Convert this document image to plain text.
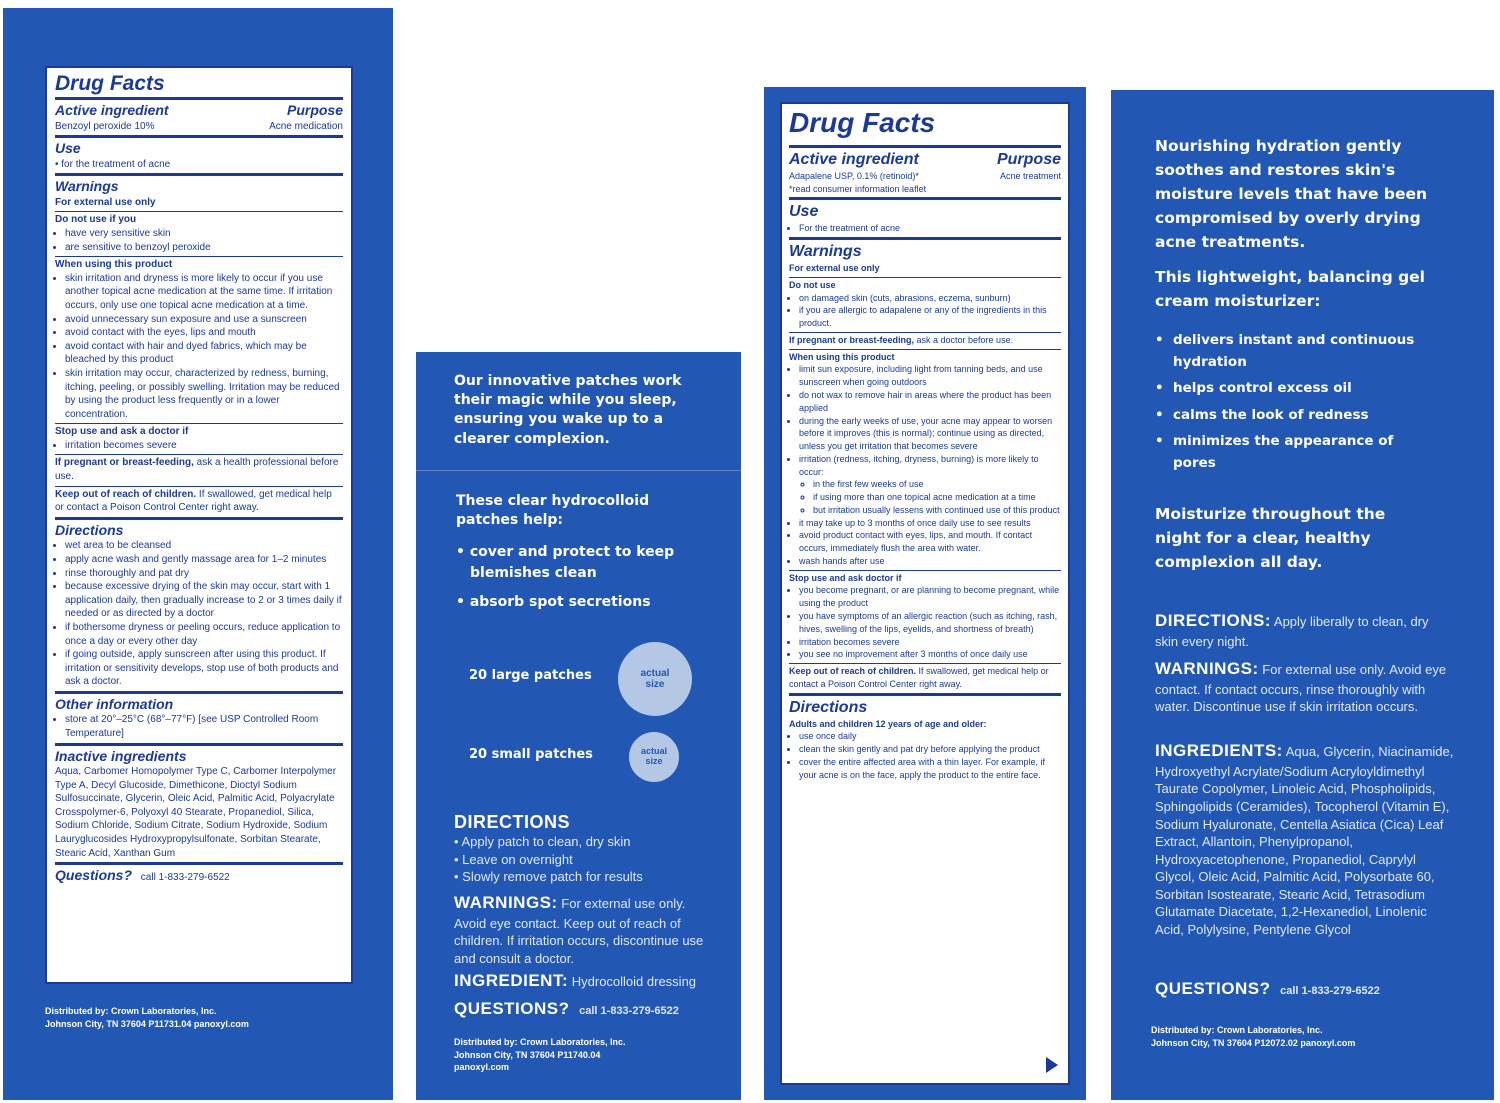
Drug Facts
Active ingredient	Purpose
Benzoyl peroxide 10%	Acne medication
Use
• for the treatment of acne
Warnings
For external use only
Do not use if you
• have very sensitive skin
• are sensitive to benzoyl peroxide
When using this product
• skin irritation and dryness is more likely to occur if you use another topical acne medication at the same time. If irritation occurs, only use one topical acne medication at a time.
• avoid unnecessary sun exposure and use a sunscreen
• avoid contact with the eyes, lips and mouth
• avoid contact with hair and dyed fabrics, which may be bleached by this product
• skin irritation may occur, characterized by redness, burning, itching, peeling, or possibly swelling. Irritation may be reduced by using the product less frequently or in a lower concentration.
Stop use and ask a doctor if
• irritation becomes severe
If pregnant or breast-feeding, ask a health professional before use.
Keep out of reach of children. If swallowed, get medical help or contact a Poison Control Center right away.
Directions
• wet area to be cleansed
• apply acne wash and gently massage area for 1–2 minutes
• rinse thoroughly and pat dry
• because excessive drying of the skin may occur, start with 1 application daily, then gradually increase to 2 or 3 times daily if needed or as directed by a doctor
• if bothersome dryness or peeling occurs, reduce application to once a day or every other day
• if going outside, apply sunscreen after using this product. If irritation or sensitivity develops, stop use of both products and ask a doctor.
Other information
• store at 20°–25°C (68°–77°F) [see USP Controlled Room Temperature]
Inactive ingredients
Aqua, Carbomer Homopolymer Type C, Carbomer Interpolymer Type A, Decyl Glucoside, Dimethicone, Dioctyl Sodium Sulfosuccinate, Glycerin, Oleic Acid, Palmitic Acid, Polyacrylate Crosspolymer-6, Polyoxyl 40 Stearate, Propanediol, Silica, Sodium Chloride, Sodium Citrate, Sodium Hydroxide, Sodium Lauryglucosides Hydroxypropylsulfonate, Sorbitan Stearate, Stearic Acid, Xanthan Gum
Questions? call 1-833-279-6522
Distributed by: Crown Laboratories, Inc.
Johnson City, TN 37604 P11731.04 panoxyl.com
Our innovative patches work their magic while you sleep, ensuring you wake up to a clearer complexion.
These clear hydrocolloid patches help:
• cover and protect to keep blemishes clean
• absorb spot secretions
20 large patches	actual size
20 small patches	actual size
DIRECTIONS
• Apply patch to clean, dry skin
• Leave on overnight
• Slowly remove patch for results
WARNINGS: For external use only. Avoid eye contact. Keep out of reach of children. If irritation occurs, discontinue use and consult a doctor.
INGREDIENT: Hydrocolloid dressing
QUESTIONS? call 1-833-279-6522
Distributed by: Crown Laboratories, Inc.
Johnson City, TN 37604 P11740.04
panoxyl.com
Drug Facts
Active ingredient	Purpose
Adapalene USP, 0.1% (retinoid)*	Acne treatment
*read consumer information leaflet
Use
• For the treatment of acne
Warnings
For external use only
Do not use
• on damaged skin (cuts, abrasions, eczema, sunburn)
• if you are allergic to adapalene or any of the ingredients in this product.
If pregnant or breast-feeding, ask a doctor before use.
When using this product
• limit sun exposure, including light from tanning beds, and use sunscreen when going outdoors
• do not wax to remove hair in areas where the product has been applied
• during the early weeks of use, your acne may appear to worsen before it improves (this is normal); continue using as directed, unless you get irritation that becomes severe
• irritation (redness, itching, dryness, burning) is more likely to occur:
◦ in the first few weeks of use
◦ if using more than one topical acne medication at a time
◦ but irritation usually lessens with continued use of this product
• it may take up to 3 months of once daily use to see results
• avoid product contact with eyes, lips, and mouth. If contact occurs, immediately flush the area with water.
• wash hands after use
Stop use and ask doctor if
• you become pregnant, or are planning to become pregnant, while using the product
• you have symptoms of an allergic reaction (such as itching, rash, hives, swelling of the lips, eyelids, and shortness of breath)
• irritation becomes severe
• you see no improvement after 3 months of once daily use
Keep out of reach of children. If swallowed, get medical help or contact a Poison Control Center right away.
Directions
Adults and children 12 years of age and older:
• use once daily
• clean the skin gently and pat dry before applying the product
• cover the entire affected area with a thin layer. For example, if your acne is on the face, apply the product to the entire face.
Nourishing hydration gently soothes and restores skin's moisture levels that have been compromised by overly drying acne treatments.
This lightweight, balancing gel cream moisturizer:
•  delivers instant and continuous hydration
•  helps control excess oil
•  calms the look of redness
•  minimizes the appearance of pores
Moisturize throughout the night for a clear, healthy complexion all day.
DIRECTIONS: Apply liberally to clean, dry skin every night.
WARNINGS: For external use only. Avoid eye contact. If contact occurs, rinse thoroughly with water. Discontinue use if skin irritation occurs.
INGREDIENTS: Aqua, Glycerin, Niacinamide, Hydroxyethyl Acrylate/Sodium Acryloyldimethyl Taurate Copolymer, Linoleic Acid, Phospholipids, Sphingolipids (Ceramides), Tocopherol (Vitamin E), Sodium Hyaluronate, Centella Asiatica (Cica) Leaf Extract, Allantoin, Phenylpropanol, Hydroxyacetophenone, Propanediol, Caprylyl Glycol, Oleic Acid, Palmitic Acid, Polysorbate 60, Sorbitan Isostearate, Stearic Acid, Tetrasodium Glutamate Diacetate, 1,2-Hexanediol, Linolenic Acid, Polylysine, Pentylene Glycol
QUESTIONS? call 1-833-279-6522
Distributed by: Crown Laboratories, Inc.
Johnson City, TN 37604 P12072.02 panoxyl.com
